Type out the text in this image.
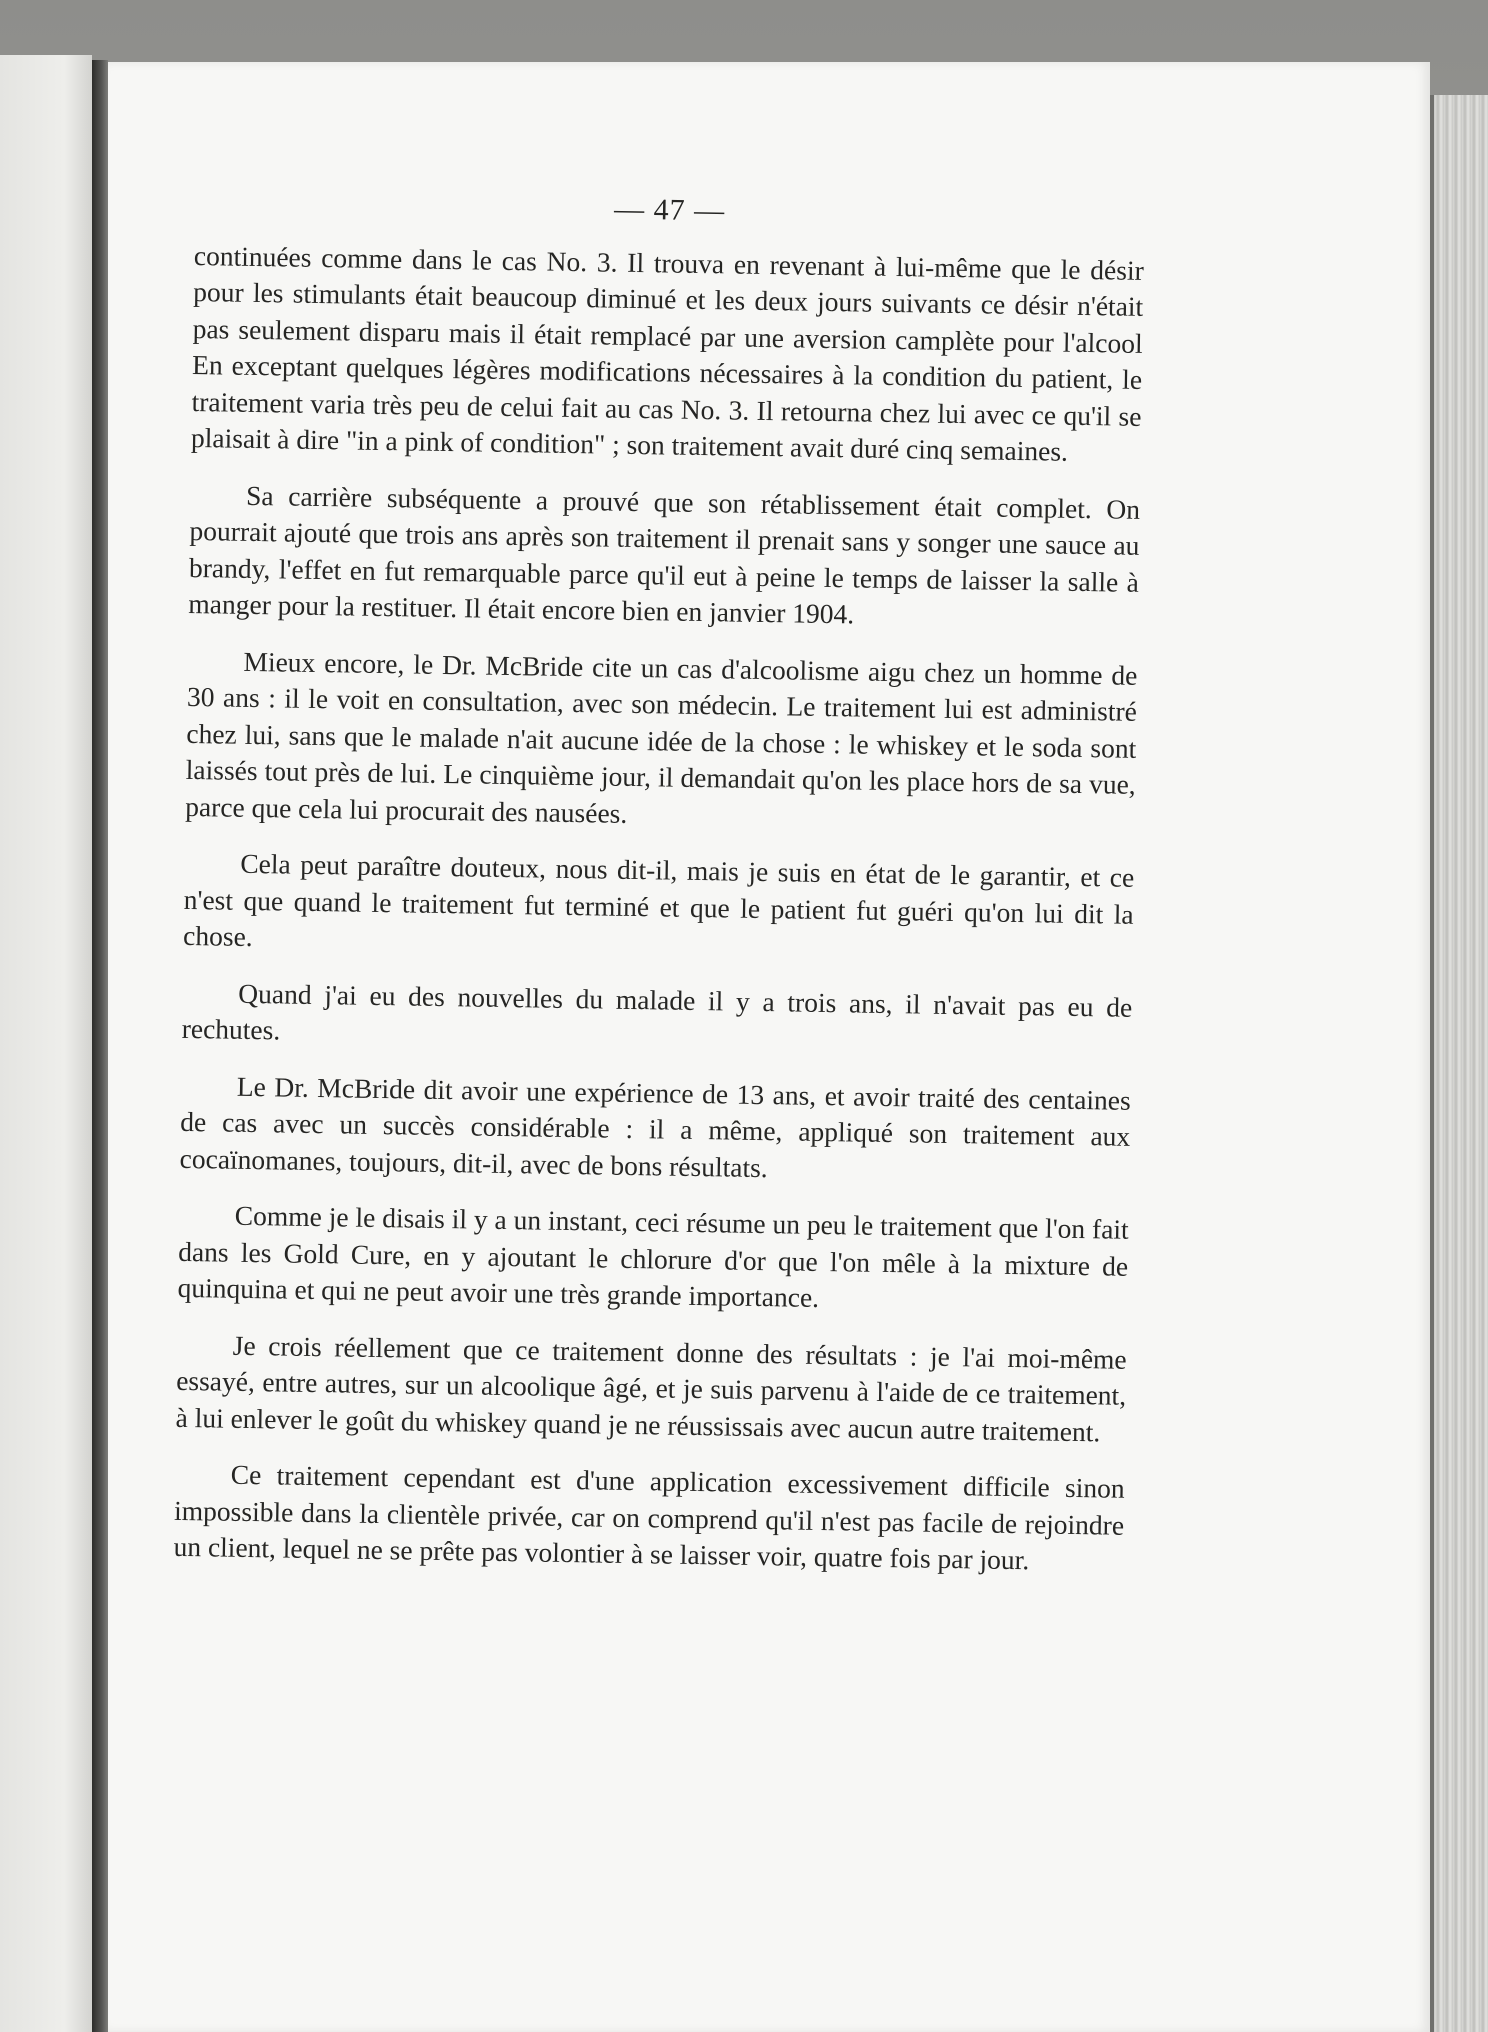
— 47 —

continuées comme dans le cas No. 3. Il trouva en revenant à lui-même que le désir pour les stimulants était beaucoup diminué et les deux jours suivants ce désir n'était pas seulement disparu mais il était remplacé par une aversion camplète pour l'alcool En exceptant quelques légères modifications nécessaires à la condition du patient, le traitement varia très peu de celui fait au cas No. 3. Il retourna chez lui avec ce qu'il se plaisait à dire "in a pink of condition" ; son traitement avait duré cinq semaines.

Sa carrière subséquente a prouvé que son rétablissement était complet. On pourrait ajouté que trois ans après son traitement il prenait sans y songer une sauce au brandy, l'effet en fut remarquable parce qu'il eut à peine le temps de laisser la salle à manger pour la restituer. Il était encore bien en janvier 1904.

Mieux encore, le Dr. McBride cite un cas d'alcoolisme aigu chez un homme de 30 ans : il le voit en consultation, avec son médecin. Le traitement lui est administré chez lui, sans que le malade n'ait aucune idée de la chose : le whiskey et le soda sont laissés tout près de lui. Le cinquième jour, il demandait qu'on les place hors de sa vue, parce que cela lui procurait des nausées.

Cela peut paraître douteux, nous dit-il, mais je suis en état de le garantir, et ce n'est que quand le traitement fut terminé et que le patient fut guéri qu'on lui dit la chose.

Quand j'ai eu des nouvelles du malade il y a trois ans, il n'avait pas eu de rechutes.

Le Dr. McBride dit avoir une expérience de 13 ans, et avoir traité des centaines de cas avec un succès considérable : il a même, appliqué son traitement aux cocaïnomanes, toujours, dit-il, avec de bons résultats.

Comme je le disais il y a un instant, ceci résume un peu le traitement que l'on fait dans les Gold Cure, en y ajoutant le chlorure d'or que l'on mêle à la mixture de quinquina et qui ne peut avoir une très grande importance.

Je crois réellement que ce traitement donne des résultats : je l'ai moi-même essayé, entre autres, sur un alcoolique âgé, et je suis parvenu à l'aide de ce traitement, à lui enlever le goût du whiskey quand je ne réussissais avec aucun autre traitement.

Ce traitement cependant est d'une application excessivement difficile sinon impossible dans la clientèle privée, car on comprend qu'il n'est pas facile de rejoindre un client, lequel ne se prête pas volontier à se laisser voir, quatre fois par jour.
